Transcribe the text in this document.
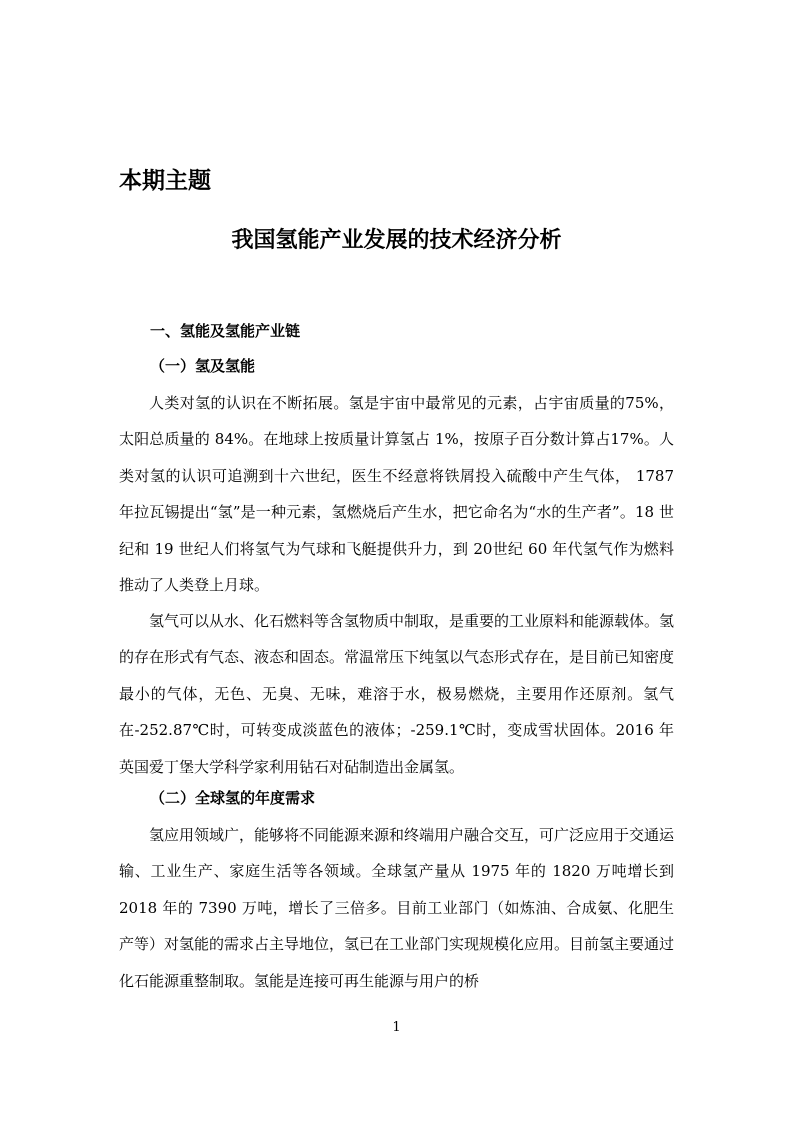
本期主题
我国氢能产业发展的技术经济分析
一、氢能及氢能产业链
（一）氢及氢能

人类对氢的认识在不断拓展。氢是宇宙中最常见的元素，占宇宙质量的75%，太阳总质量的 84%。在地球上按质量计算氢占 1%，按原子百分数计算占17%。人类对氢的认识可追溯到十六世纪，医生不经意将铁屑投入硫酸中产生气体， 1787 年拉瓦锡提出“氢”是一种元素，氢燃烧后产生水，把它命名为“水的生产者”。18 世纪和 19 世纪人们将氢气为气球和飞艇提供升力，到 20世纪 60 年代氢气作为燃料推动了人类登上月球。

氢气可以从水、化石燃料等含氢物质中制取，是重要的工业原料和能源载体。氢的存在形式有气态、液态和固态。常温常压下纯氢以气态形式存在，是目前已知密度最小的气体，无色、无臭、无味，难溶于水，极易燃烧，主要用作还原剂。氢气在-252.87℃时，可转变成淡蓝色的液体；-259.1℃时，变成雪状固体。2016 年英国爱丁堡大学科学家利用钻石对砧制造出金属氢。

（二）全球氢的年度需求

氢应用领域广，能够将不同能源来源和终端用户融合交互，可广泛应用于交通运输、工业生产、家庭生活等各领域。全球氢产量从 1975 年的 1820 万吨增长到 2018 年的 7390 万吨，增长了三倍多。目前工业部门（如炼油、合成氨、化肥生产等）对氢能的需求占主导地位，氢已在工业部门实现规模化应用。目前氢主要通过化石能源重整制取。氢能是连接可再生能源与用户的桥

1
